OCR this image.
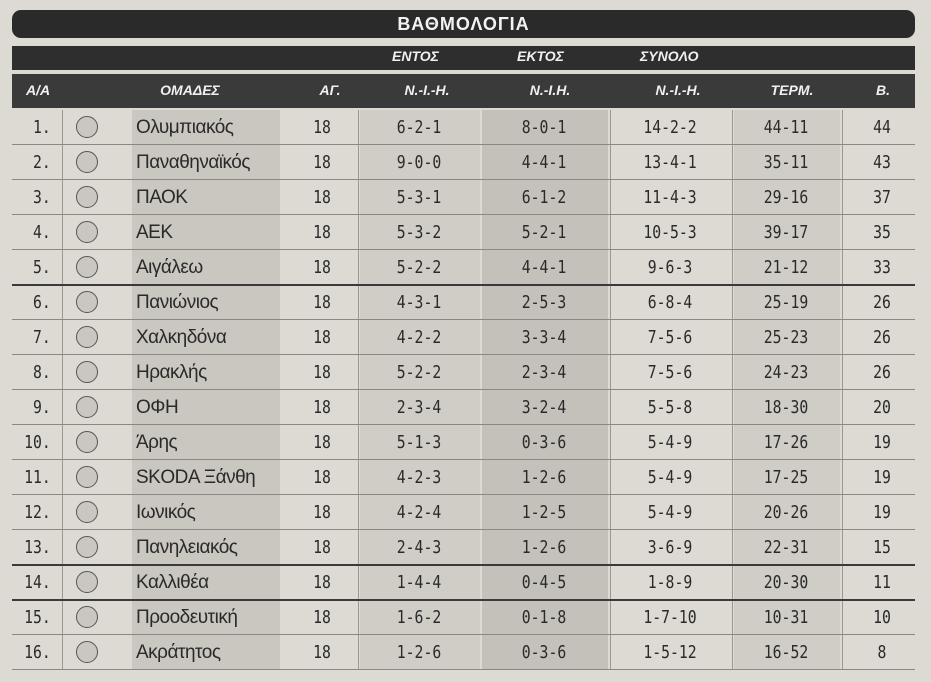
ΒΑΘΜΟΛΟΓΙΑ
ΕΝΤΟΣ	ΕΚΤΟΣ	ΣΥΝΟΛΟ
Α/Α	ΟΜΑΔΕΣ	ΑΓ.	Ν.-Ι.-Η.	Ν.-Ι.Η.	Ν.-Ι.-Η.	ΤΕΡΜ.	Β.
1.	Ολυμπιακός	18	6-2-1	8-0-1	14-2-2	44-11	44
2.	Παναθηναϊκός	18	9-0-0	4-4-1	13-4-1	35-11	43
3.	ΠΑΟΚ	18	5-3-1	6-1-2	11-4-3	29-16	37
4.	ΑΕΚ	18	5-3-2	5-2-1	10-5-3	39-17	35
5.	Αιγάλεω	18	5-2-2	4-4-1	9-6-3	21-12	33
6.	Πανιώνιος	18	4-3-1	2-5-3	6-8-4	25-19	26
7.	Χαλκηδόνα	18	4-2-2	3-3-4	7-5-6	25-23	26
8.	Ηρακλής	18	5-2-2	2-3-4	7-5-6	24-23	26
9.	ΟΦΗ	18	2-3-4	3-2-4	5-5-8	18-30	20
10.	Άρης	18	5-1-3	0-3-6	5-4-9	17-26	19
11.	SKODA Ξάνθη	18	4-2-3	1-2-6	5-4-9	17-25	19
12.	Ιωνικός	18	4-2-4	1-2-5	5-4-9	20-26	19
13.	Πανηλειακός	18	2-4-3	1-2-6	3-6-9	22-31	15
14.	Καλλιθέα	18	1-4-4	0-4-5	1-8-9	20-30	11
15.	Προοδευτική	18	1-6-2	0-1-8	1-7-10	10-31	10
16.	Ακράτητος	18	1-2-6	0-3-6	1-5-12	16-52	8
